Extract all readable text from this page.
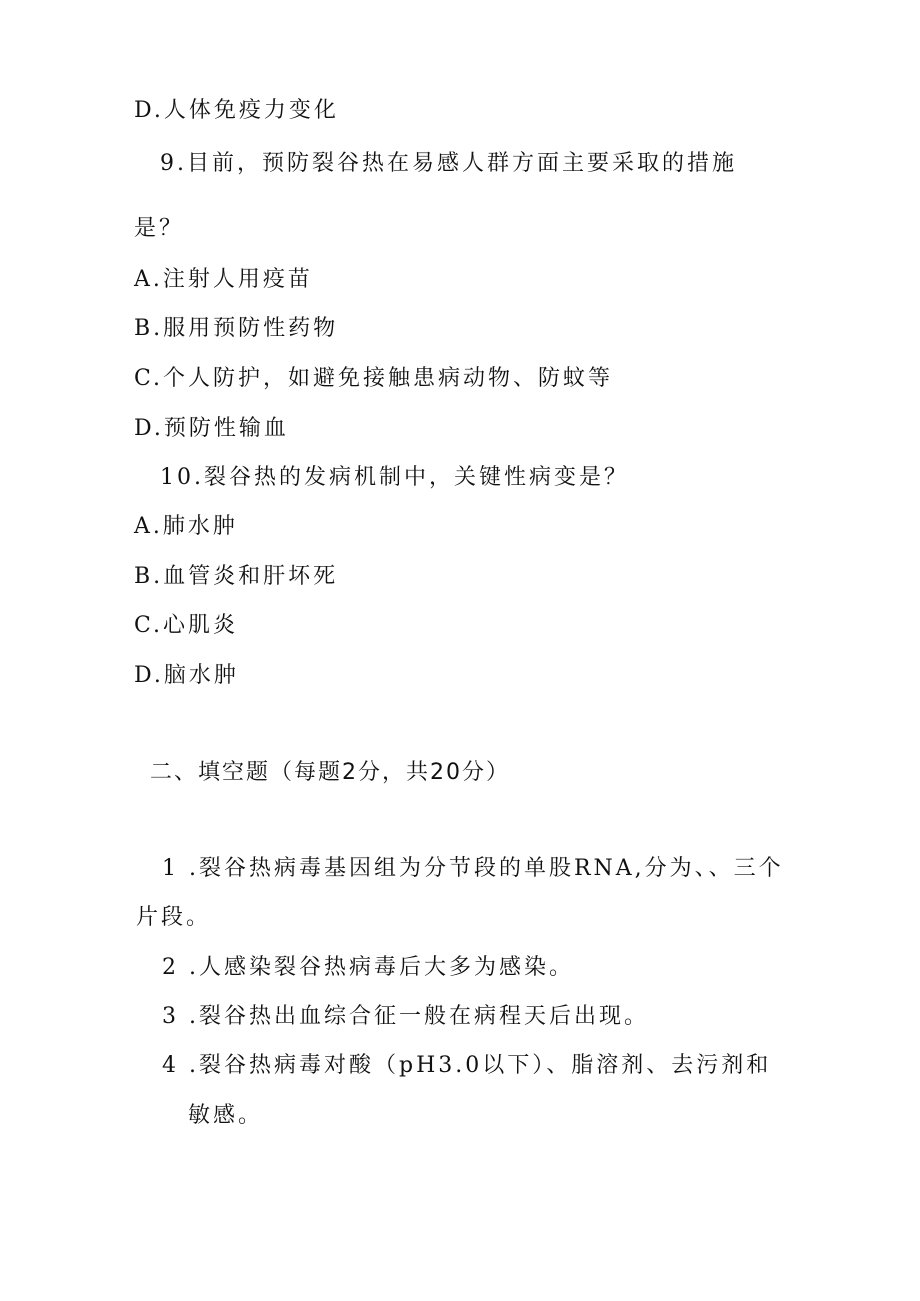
D.人体免疫力变化
9.目前，预防裂谷热在易感人群方面主要采取的措施
是？
A.注射人用疫苗
B.服用预防性药物
C.个人防护，如避免接触患病动物、防蚊等
D.预防性输血
10.裂谷热的发病机制中，关键性病变是？
A.肺水肿
B.血管炎和肝坏死
C.心肌炎
D.脑水肿
二、填空题（每题2分，共20分）
1 .裂谷热病毒基因组为分节段的单股RNA,分为、、三个
片段。
2 .人感染裂谷热病毒后大多为感染。
3 .裂谷热出血综合征一般在病程天后出现。
4 .裂谷热病毒对酸（pH3.0以下）、脂溶剂、去污剂和
敏感。
